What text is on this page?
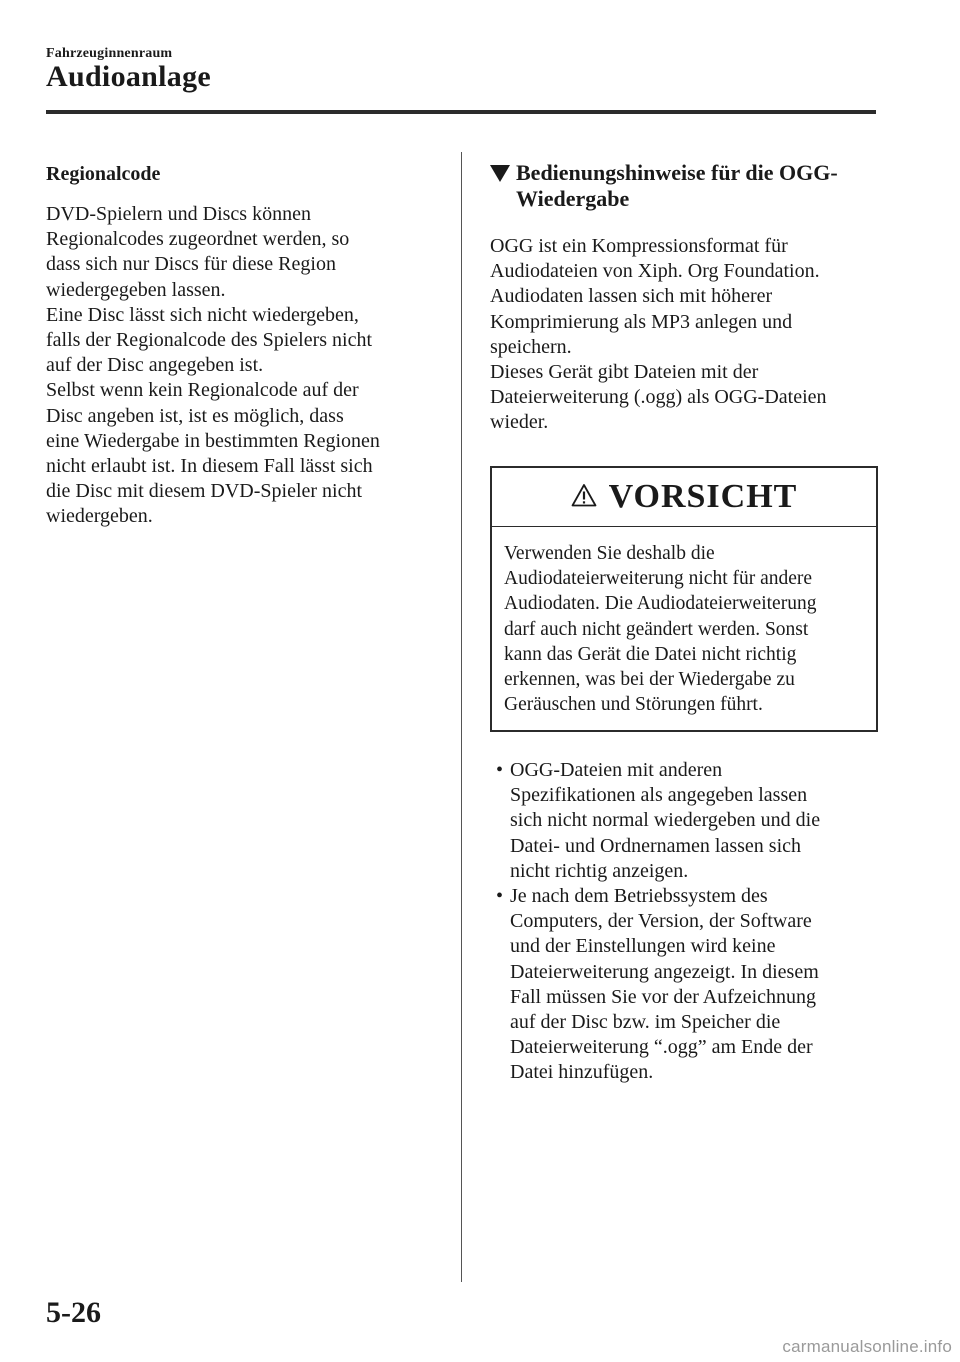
Fahrzeuginnenraum
Audioanlage
Regionalcode
DVD-Spielern und Discs können
Regionalcodes zugeordnet werden, so
dass sich nur Discs für diese Region
wiedergegeben lassen.
Eine Disc lässt sich nicht wiedergeben,
falls der Regionalcode des Spielers nicht
auf der Disc angegeben ist.
Selbst wenn kein Regionalcode auf der
Disc angeben ist, ist es möglich, dass
eine Wiedergabe in bestimmten Regionen
nicht erlaubt ist. In diesem Fall lässt sich
die Disc mit diesem DVD-Spieler nicht
wiedergeben.
Bedienungshinweise für die OGG-
Wiedergabe
OGG ist ein Kompressionsformat für
Audiodateien von Xiph. Org Foundation.
Audiodaten lassen sich mit höherer
Komprimierung als MP3 anlegen und
speichern.
Dieses Gerät gibt Dateien mit der
Dateierweiterung (.ogg) als OGG-Dateien
wieder.
VORSICHT
Verwenden Sie deshalb die
Audiodateierweiterung nicht für andere
Audiodaten. Die Audiodateierweiterung
darf auch nicht geändert werden. Sonst
kann das Gerät die Datei nicht richtig
erkennen, was bei der Wiedergabe zu
Geräuschen und Störungen führt.
• OGG-Dateien mit anderen
Spezifikationen als angegeben lassen
sich nicht normal wiedergeben und die
Datei- und Ordnernamen lassen sich
nicht richtig anzeigen.
• Je nach dem Betriebssystem des
Computers, der Version, der Software
und der Einstellungen wird keine
Dateierweiterung angezeigt. In diesem
Fall müssen Sie vor der Aufzeichnung
auf der Disc bzw. im Speicher die
Dateierweiterung “.ogg” am Ende der
Datei hinzufügen.
5-26
carmanualsonline.info
